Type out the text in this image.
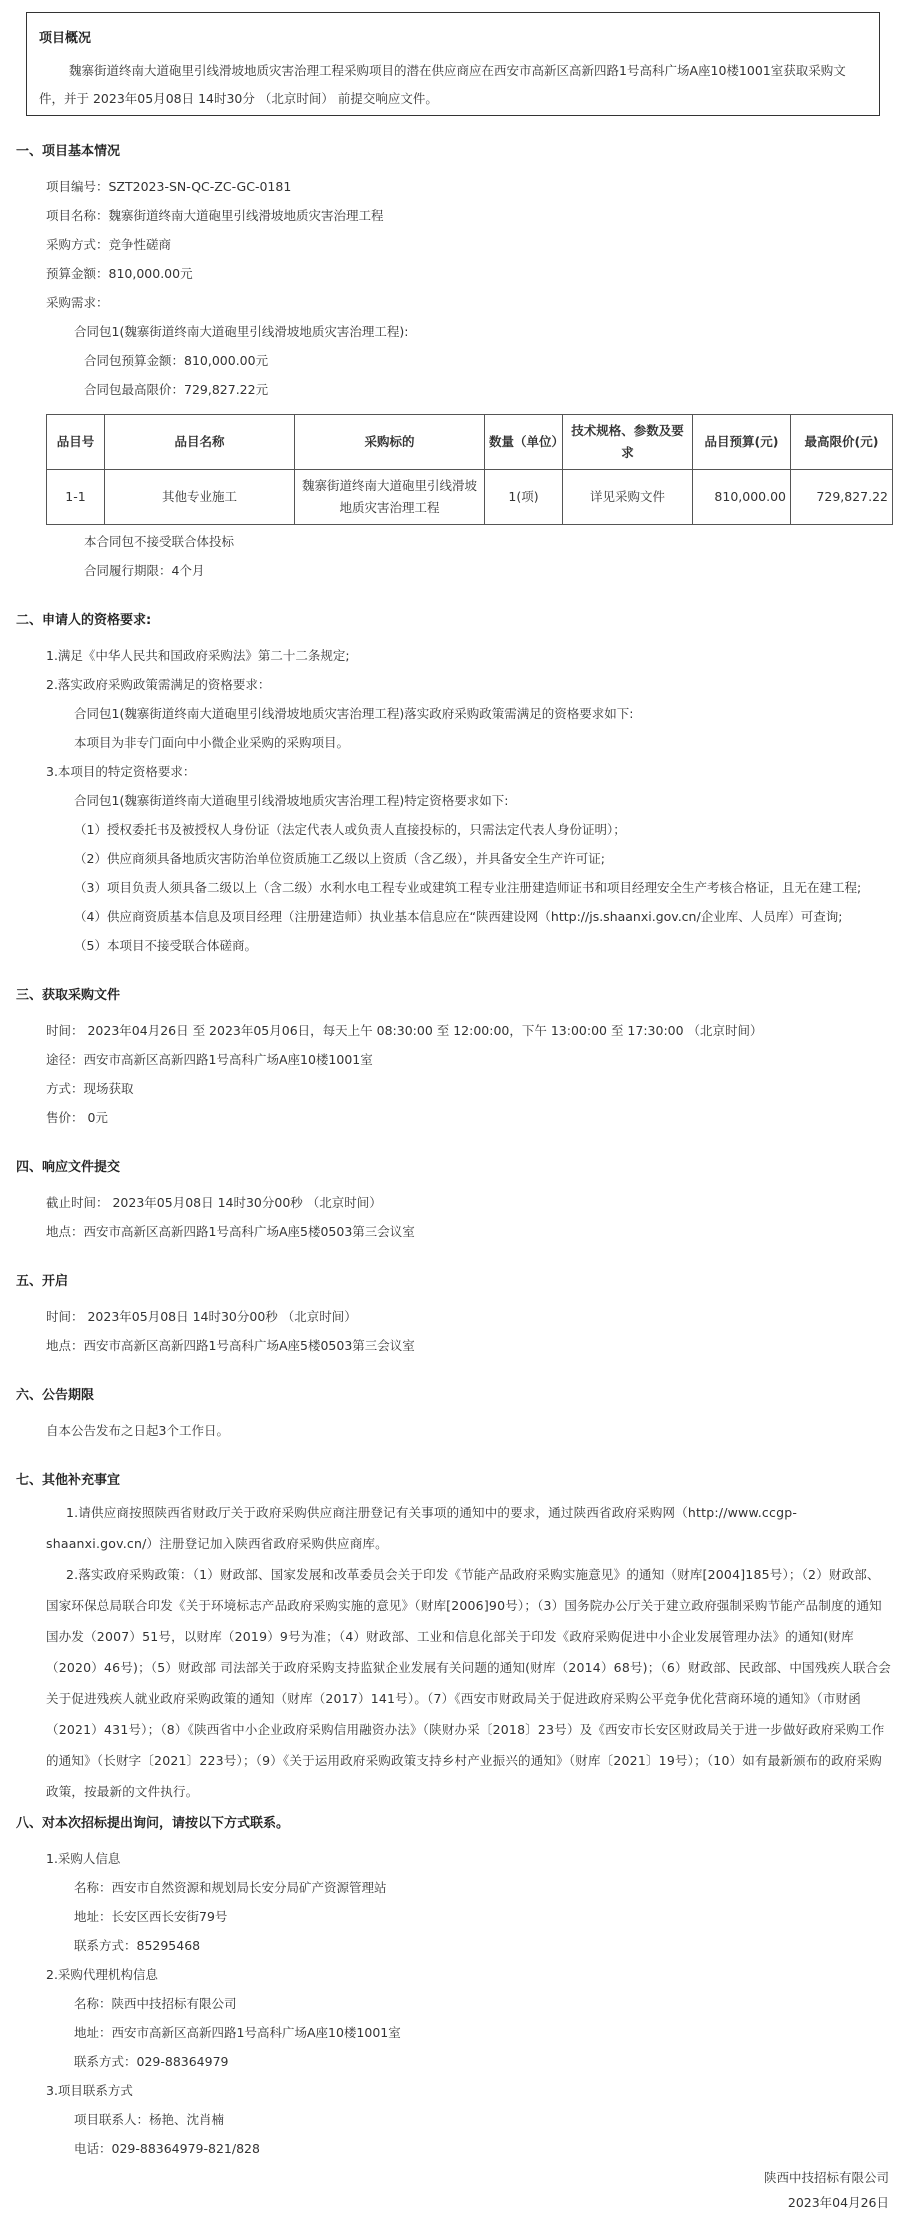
项目概况
魏寨街道终南大道砲里引线滑坡地质灾害治理工程采购项目的潜在供应商应在西安市高新区高新四路1号高科广场A座10楼1001室获取采购文件，并于 2023年05月08日 14时30分 （北京时间） 前提交响应文件。
一、项目基本情况
项目编号：SZT2023-SN-QC-ZC-GC-0181
项目名称：魏寨街道终南大道砲里引线滑坡地质灾害治理工程
采购方式：竞争性磋商
预算金额：810,000.00元
采购需求：
合同包1(魏寨街道终南大道砲里引线滑坡地质灾害治理工程):
合同包预算金额：810,000.00元
合同包最高限价：729,827.22元
品目号	品目名称	采购标的	数量（单位）	技术规格、参数及要求	品目预算(元)	最高限价(元)
1-1	其他专业施工	魏寨街道终南大道砲里引线滑坡地质灾害治理工程	1(项)	详见采购文件	810,000.00	729,827.22
本合同包不接受联合体投标
合同履行期限：4个月
二、申请人的资格要求:
1.满足《中华人民共和国政府采购法》第二十二条规定;
2.落实政府采购政策需满足的资格要求：
合同包1(魏寨街道终南大道砲里引线滑坡地质灾害治理工程)落实政府采购政策需满足的资格要求如下:
本项目为非专门面向中小微企业采购的采购项目。
3.本项目的特定资格要求：
合同包1(魏寨街道终南大道砲里引线滑坡地质灾害治理工程)特定资格要求如下:
（1）授权委托书及被授权人身份证（法定代表人或负责人直接投标的，只需法定代表人身份证明）；
（2）供应商须具备地质灾害防治单位资质施工乙级以上资质（含乙级），并具备安全生产许可证;
（3）项目负责人须具备二级以上（含二级）水利水电工程专业或建筑工程专业注册建造师证书和项目经理安全生产考核合格证，且无在建工程;
（4）供应商资质基本信息及项目经理（注册建造师）执业基本信息应在“陕西建设网（http://js.shaanxi.gov.cn/企业库、人员库）可查询;
（5）本项目不接受联合体磋商。
三、获取采购文件
时间： 2023年04月26日 至 2023年05月06日，每天上午 08:30:00 至 12:00:00，下午 13:00:00 至 17:30:00 （北京时间）
途径：西安市高新区高新四路1号高科广场A座10楼1001室
方式：现场获取
售价： 0元
四、响应文件提交
截止时间： 2023年05月08日 14时30分00秒 （北京时间）
地点：西安市高新区高新四路1号高科广场A座5楼0503第三会议室
五、开启
时间： 2023年05月08日 14时30分00秒 （北京时间）
地点：西安市高新区高新四路1号高科广场A座5楼0503第三会议室
六、公告期限
自本公告发布之日起3个工作日。
七、其他补充事宜
1.请供应商按照陕西省财政厅关于政府采购供应商注册登记有关事项的通知中的要求，通过陕西省政府采购网（http://www.ccgp-shaanxi.gov.cn/）注册登记加入陕西省政府采购供应商库。
2.落实政府采购政策：（1）财政部、国家发展和改革委员会关于印发《节能产品政府采购实施意见》的通知（财库[2004]185号）；（2）财政部、国家环保总局联合印发《关于环境标志产品政府采购实施的意见》（财库[2006]90号）；（3）国务院办公厅关于建立政府强制采购节能产品制度的通知国办发（2007）51号，以财库（2019）9号为准；（4）财政部、工业和信息化部关于印发《政府采购促进中小企业发展管理办法》的通知(财库（2020）46号)；（5）财政部 司法部关于政府采购支持监狱企业发展有关问题的通知(财库（2014）68号)；（6）财政部、民政部、中国残疾人联合会关于促进残疾人就业政府采购政策的通知（财库（2017）141号）。（7）《西安市财政局关于促进政府采购公平竞争优化营商环境的通知》（市财函（2021）431号）；（8）《陕西省中小企业政府采购信用融资办法》（陕财办采〔2018〕23号）及《西安市长安区财政局关于进一步做好政府采购工作的通知》（长财字〔2021〕223号）；（9）《关于运用政府采购政策支持乡村产业振兴的通知》（财库〔2021〕19号）；（10）如有最新颁布的政府采购政策，按最新的文件执行。
八、对本次招标提出询问，请按以下方式联系。
1.采购人信息
名称：西安市自然资源和规划局长安分局矿产资源管理站
地址：长安区西长安街79号
联系方式：85295468
2.采购代理机构信息
名称：陕西中技招标有限公司
地址：西安市高新区高新四路1号高科广场A座10楼1001室
联系方式：029-88364979
3.项目联系方式
项目联系人：杨艳、沈肖楠
电话：029-88364979-821/828
陕西中技招标有限公司
2023年04月26日
